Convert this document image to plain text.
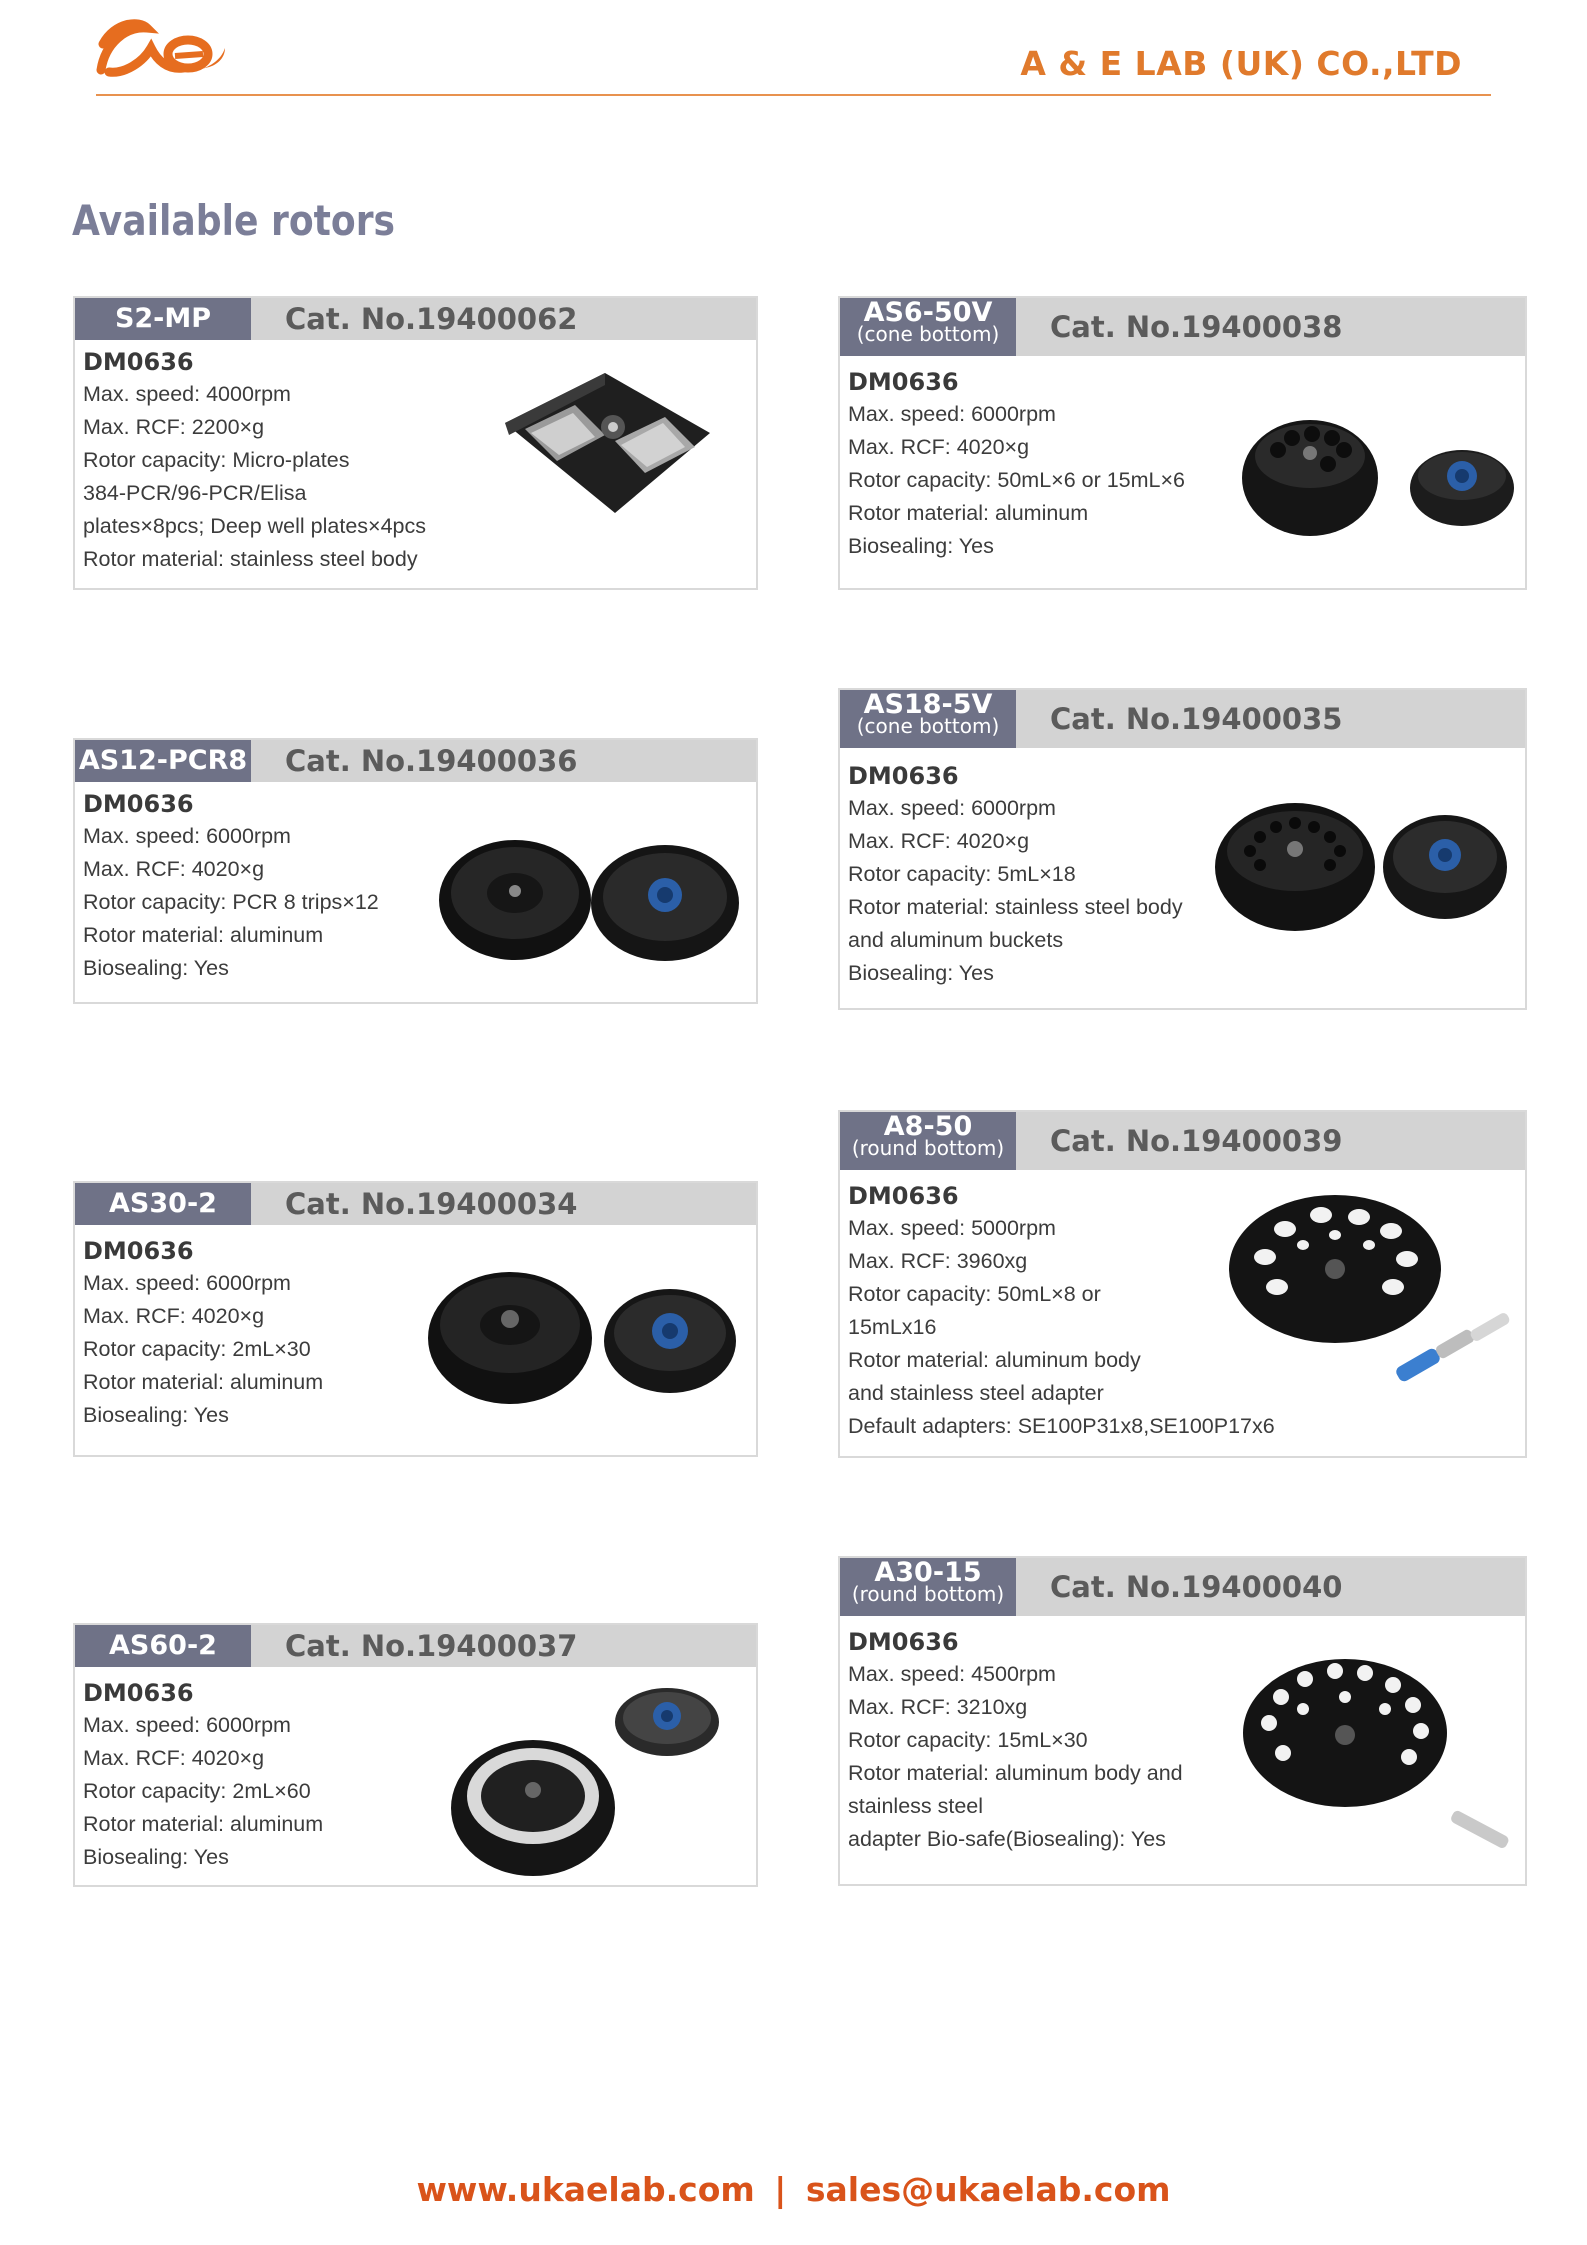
A & E LAB (UK) CO.,LTD
Available rotors
S2-MP	Cat. No.19400062
DM0636
Max. speed: 4000rpm
Max. RCF: 2200×g
Rotor capacity: Micro-plates
384-PCR/96-PCR/Elisa
plates×8pcs; Deep well plates×4pcs
Rotor material: stainless steel body
AS6-50V
(cone bottom)	Cat. No.19400038
DM0636
Max. speed: 6000rpm
Max. RCF: 4020×g
Rotor capacity: 50mL×6 or 15mL×6
Rotor material: aluminum
Biosealing: Yes
AS12-PCR8 Cat. No.19400036
DM0636
Max. speed: 6000rpm
Max. RCF: 4020×g
Rotor capacity: PCR 8 trips×12
Rotor material: aluminum
Biosealing: Yes
AS18-5V
(cone bottom)	Cat. No.19400035
DM0636
Max. speed: 6000rpm
Max. RCF: 4020×g
Rotor capacity: 5mL×18
Rotor material: stainless steel body
and aluminum buckets
Biosealing: Yes
AS30-2	Cat. No.19400034
DM0636
Max. speed: 6000rpm
Max. RCF: 4020×g
Rotor capacity: 2mL×30
Rotor material: aluminum
Biosealing: Yes
A8-50
(round bottom)	Cat. No.19400039
DM0636
Max. speed: 5000rpm
Max. RCF: 3960xg
Rotor capacity: 50mL×8 or
15mLx16
Rotor material: aluminum body
and stainless steel adapter
Default adapters: SE100P31x8,SE100P17x6
AS60-2	Cat. No.19400037
DM0636
Max. speed: 6000rpm
Max. RCF: 4020×g
Rotor capacity: 2mL×60
Rotor material: aluminum
Biosealing: Yes
A30-15
(round bottom)	Cat. No.19400040
DM0636
Max. speed: 4500rpm
Max. RCF: 3210xg
Rotor capacity: 15mL×30
Rotor material: aluminum body and
stainless steel
adapter Bio-safe(Biosealing): Yes
www.ukaelab.com | sales@ukaelab.com
